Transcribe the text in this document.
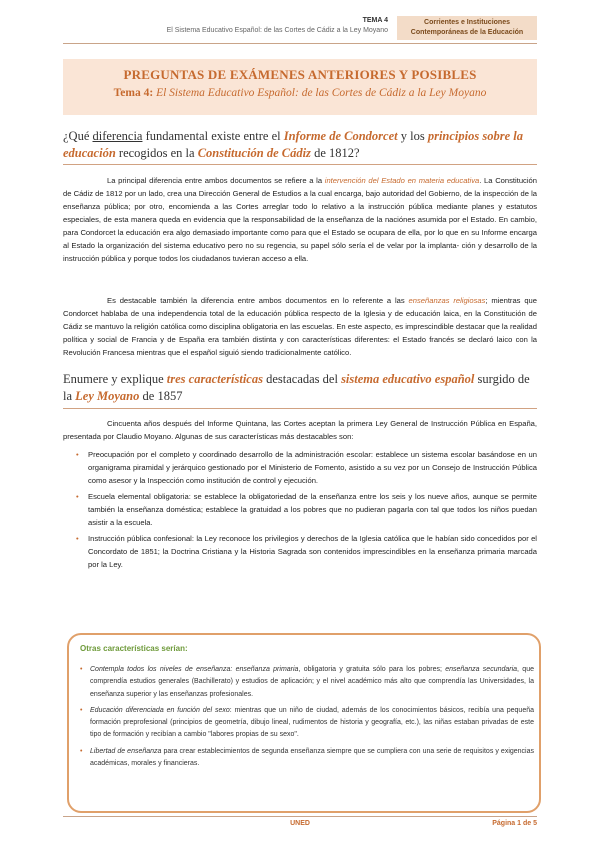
TEMA 4
El Sistema Educativo Español: de las Cortes de Cádiz a la Ley Moyano
Corrientes e Instituciones
Contemporáneas de la Educación
PREGUNTAS DE EXÁMENES ANTERIORES Y POSIBLES
Tema 4: El Sistema Educativo Español: de las Cortes de Cádiz a la Ley Moyano
¿Qué diferencia fundamental existe entre el Informe de Condorcet y los principios sobre la educación recogidos en la Constitución de Cádiz de 1812?
La principal diferencia entre ambos documentos se refiere a la intervención del Estado en materia educativa. La Constitución de Cádiz de 1812 por un lado, crea una Dirección General de Estudios a la cual encarga, bajo autoridad del Gobierno, de la inspección de la enseñanza pública; por otro, encomienda a las Cortes arreglar todo lo relativo a la instrucción pública mediante planes y estatutos especiales, de esta manera queda en evidencia que la responsabilidad de la enseñanza de la naciónes asumida por el Estado. En cambio, para Condorcet la educación era algo demasiado importante como para que el Estado se ocupara de ella, por lo que en su Informe encarga al Estado la organización del sistema educativo pero no su regencia, su papel sólo sería el de velar por la implanta- ción y desarrollo de la instrucción pública y porque todos los ciudadanos tuvieran acceso a ella.
Es destacable también la diferencia entre ambos documentos en lo referente a las enseñanzas religiosas; mientras que Condorcet hablaba de una independencia total de la educación pública respecto de la Iglesia y de educación laica, en la Constitución de Cádiz se mantuvo la religión católica como disciplina obligatoria en las escuelas. En este aspecto, es imprescindible destacar que la realidad política y social de Francia y de España era también distinta y con características diferentes: el Estado francés se declaró laico con la Revolución Francesa mientras que el español siguió siendo tradicionalmente católico.
Enumere y explique tres características destacadas del sistema educativo español surgido de la Ley Moyano de 1857
Cincuenta años después del Informe Quintana, las Cortes aceptan la primera Ley General de Instrucción Pública en España, presentada por Claudio Moyano. Algunas de sus características más destacables son:
• Preocupación por el completo y coordinado desarrollo de la administración escolar: establece un sistema escolar basándose en un organigrama piramidal y jerárquico gestionado por el Ministerio de Fomento, asistido a su vez por un Consejo de Instrucción Pública como asesor y la Inspección como institución de control y ejecución.
• Escuela elemental obligatoria: se establece la obligatoriedad de la enseñanza entre los seis y los nueve años, aunque se permite también la enseñanza doméstica; establece la gratuidad a los pobres que no pudieran pagarla con tal que todos los niños puedan asistir a la escuela.
• Instrucción pública confesional: la Ley reconoce los privilegios y derechos de la Iglesia católica que le habían sido concedidos por el Concordato de 1851; la Doctrina Cristiana y la Historia Sagrada son contenidos imprescindibles en la enseñanza primaria marcada por la Ley.
Otras características serían:
• Contempla todos los niveles de enseñanza: enseñanza primaria, obligatoria y gratuita sólo para los pobres; enseñanza secundaria, que comprendía estudios generales (Bachillerato) y estudios de aplicación; y el nivel académico más alto que comprendía las Universidades, la enseñanza superior y las enseñanzas profesionales.
• Educación diferenciada en función del sexo: mientras que un niño de ciudad, además de los conocimientos básicos, recibía una pequeña formación preprofesional (principios de geometría, dibujo lineal, rudimentos de historia y geografía, etc.), las niñas estaban privadas de este tipo de formación y recibían a cambio "labores propias de su sexo".
• Libertad de enseñanza para crear establecimientos de segunda enseñanza siempre que se cumpliera con una serie de requisitos y exigencias académicas, morales y financieras.
UNED	Página 1 de 5
